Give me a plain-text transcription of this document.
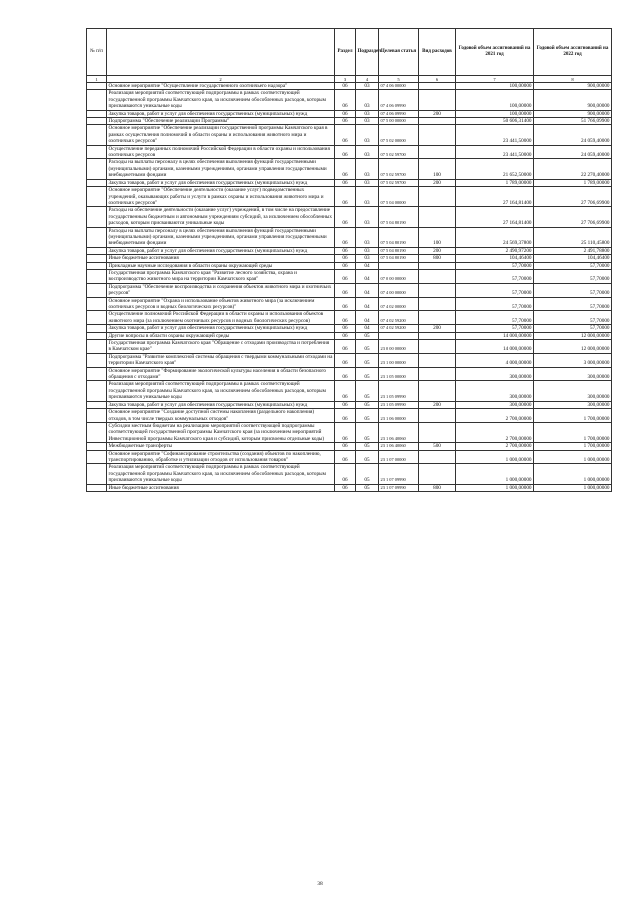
№ п/п		Раздел	Подраздел	Целевая статья	Вид расходов	Годовой объем ассигнований на 2021 год	Годовой объем ассигнований на 2022 год
1	2	3	4	5	6	7	8
	Основное мероприятие "Осуществление государственного охотничьего надзора"	06	03	07 4 06 00000		100,00000	900,00000
	Реализация мероприятий соответствующей подпрограммы в рамках соответствующей государственной программы Камчатского края, за исключением обособленных расходов, которым присваиваются уникальные коды	06	03	07 4 06 09990		100,00000	900,00000
	Закупка товаров, работ и услуг для обеспечения государственных (муниципальных) нужд	06	03	07 4 06 09990	200	100,00000	900,00000
	Подпрограмма "Обеспечение реализации Программы"	06	03	07 5 00 00000		50 606,31400	51 766,09900
	Основное мероприятие "Обеспечение реализации государственной программы Камчатского края в рамках осуществления полномочий в области охраны и использования животного мира и охотничьих ресурсов"	06	03	07 5 02 00000		23 441,50000	24 059,40000
	Осуществление переданных полномочий Российской Федерации в области охраны и использования охотничьих ресурсов	06	03	07 5 02 59700		23 441,50000	24 059,40000
	Расходы на выплаты персоналу в целях обеспечения выполнения функций государственными (муниципальными) органами, казенными учреждениями, органами управления государственными внебюджетными фондами	06	03	07 5 02 59700	100	21 652,50000	22 270,40000
	Закупка товаров, работ и услуг для обеспечения государственных (муниципальных) нужд	06	03	07 5 02 59700	200	1 789,00000	1 789,00000
	Основное мероприятие "Обеспечение деятельности (оказание услуг) подведомственных учреждений, оказывающих работы и услуги в рамках охраны и использования животного мира и охотничьих ресурсов"	06	03	07 5 04 00000		27 164,81400	27 706,69900
	Расходы на обеспечение деятельности (оказание услуг) учреждений, в том числе на предоставление государственным бюджетным и автономным учреждениям субсидий, за исключением обособленных расходов, которым присваиваются уникальные коды	06	03	07 5 04 80190		27 164,81400	27 706,69900
	Расходы на выплаты персоналу в целях обеспечения выполнения функций государственными (муниципальными) органами, казенными учреждениями, органами управления государственными внебюджетными фондами	06	03	07 5 04 80190	100	24 569,37800	25 110,45800
	Закупка товаров, работ и услуг для обеспечения государственных (муниципальных) нужд	06	03	07 5 04 80190	200	2 490,97200	2 491,78800
	Иные бюджетные ассигнования	06	03	07 5 04 80190	800	104,46400	104,46400
	Прикладные научные исследования в области охраны окружающей среды	06	04			57,70000	57,70000
	Государственная программа Камчатского края "Развитие лесного хозяйства, охрана и воспроизводство животного мира на территории Камчатского края"	06	04	07 0 00 00000		57,70000	57,70000
	Подпрограмма "Обеспечение воспроизводства и сохранения объектов животного мира и охотничьих ресурсов"	06	04	07 4 00 00000		57,70000	57,70000
	Основное мероприятие "Охрана и использование объектов животного мира (за исключением охотничьих ресурсов и водных биологических ресурсов)"	06	04	07 4 02 00000		57,70000	57,70000
	Осуществление полномочий Российской Федерации в области охраны и использования объектов животного мира (за исключением охотничьих ресурсов и водных биологических ресурсов)	06	04	07 4 02 59200		57,70000	57,70000
	Закупка товаров, работ и услуг для обеспечения государственных (муниципальных) нужд	06	04	07 4 02 59200	200	57,70000	57,70000
	Другие вопросы в области охраны окружающей среды	06	05			14 000,00000	12 000,00000
	Государственная программа Камчатского края "Обращение с отходами производства и потребления в Камчатском крае"	06	05	23 0 00 00000		14 000,00000	12 000,00000
	Подпрограмма "Развитие комплексной системы обращения с твердыми коммунальными отходами на территории Камчатского края"	06	05	23 1 00 00000		4 000,00000	3 000,00000
	Основное мероприятие "Формирование экологической культуры населения в области безопасного обращения с отходами"	06	05	23 1 05 00000		300,00000	300,00000
	Реализация мероприятий соответствующей подпрограммы в рамках соответствующей государственной программы Камчатского края, за исключением обособленных расходов, которым присваиваются уникальные коды	06	05	23 1 05 09990		300,00000	300,00000
	Закупка товаров, работ и услуг для обеспечения государственных (муниципальных) нужд	06	05	23 1 05 09990	200	300,00000	300,00000
	Основное мероприятие "Создание доступной системы накопления (раздельного накопления) отходов, в том числе твердых коммунальных отходов"	06	05	23 1 06 00000		2 700,00000	1 700,00000
	Субсидии местным бюджетам на реализацию мероприятий соответствующей подпрограммы соответствующей государственной программы Камчатского края (за исключением мероприятий Инвестиционной программы Камчатского края и субсидий, которым присвоены отдельные коды)	06	05	23 1 06 40060		2 700,00000	1 700,00000
	Межбюджетные трансферты	06	05	23 1 06 40060	500	2 700,00000	1 700,00000
	Основное мероприятие "Софинансирование строительства (создания) объектов по накоплению, транспортированию, обработке и утилизации отходов от использования товаров"	06	05	23 1 07 00000		1 000,00000	1 000,00000
	Реализация мероприятий соответствующей подпрограммы в рамках соответствующей государственной программы Камчатского края, за исключением обособленных расходов, которым присваиваются уникальные коды	06	05	23 1 07 09990		1 000,00000	1 000,00000
	Иные бюджетные ассигнования	06	05	23 1 07 09990	800	1 000,00000	1 000,00000
38
